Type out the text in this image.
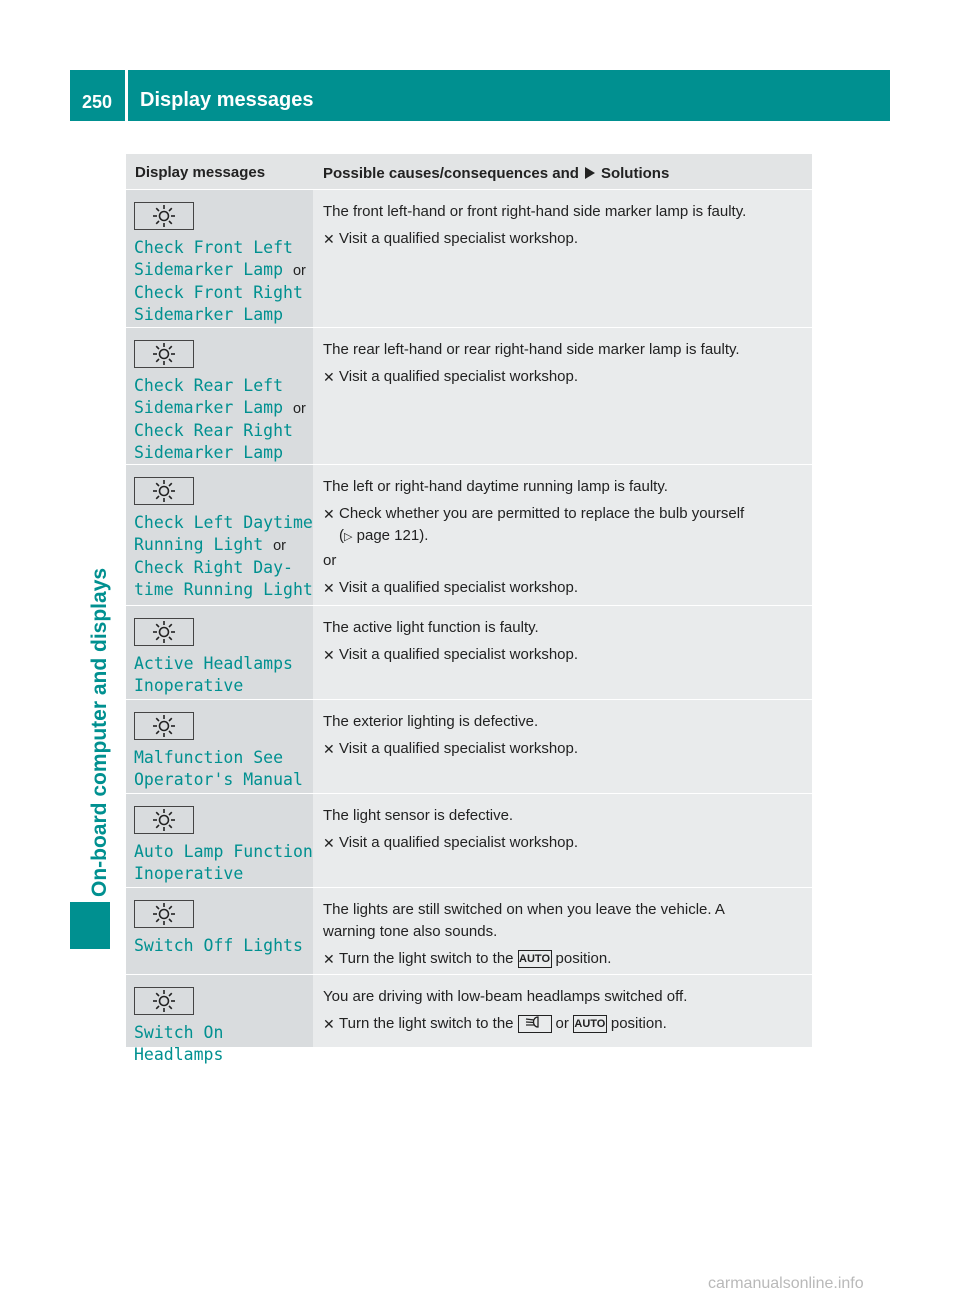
250 Display messages
On-board computer and displays
Display messages	Possible causes/consequences and Solutions
Check Front Left
Sidemarker Lamp or
Check Front Right
Sidemarker Lamp
The front left-hand or front right-hand side marker lamp is faulty.
✕ Visit a qualified specialist workshop.
Check Rear Left
Sidemarker Lamp or
Check Rear Right
Sidemarker Lamp
The rear left-hand or rear right-hand side marker lamp is faulty.
✕ Visit a qualified specialist workshop.
Check Left Daytime
Running Light or
Check Right Day‐
time Running Light
The left or right-hand daytime running lamp is faulty.
✕ Check whether you are permitted to replace the bulb yourself
(▷ page 121).
or
✕ Visit a qualified specialist workshop.
Active Headlamps
Inoperative
The active light function is faulty.
✕ Visit a qualified specialist workshop.
Malfunction See
Operator's Manual
The exterior lighting is defective.
✕ Visit a qualified specialist workshop.
Auto Lamp Function
Inoperative
The light sensor is defective.
✕ Visit a qualified specialist workshop.
Switch Off Lights
The lights are still switched on when you leave the vehicle. A
warning tone also sounds.
✕ Turn the light switch to the AUTO position.
Switch On Headlamps
You are driving with low-beam headlamps switched off.
✕ Turn the light switch to the	or AUTO position.
carmanualsonline.info
